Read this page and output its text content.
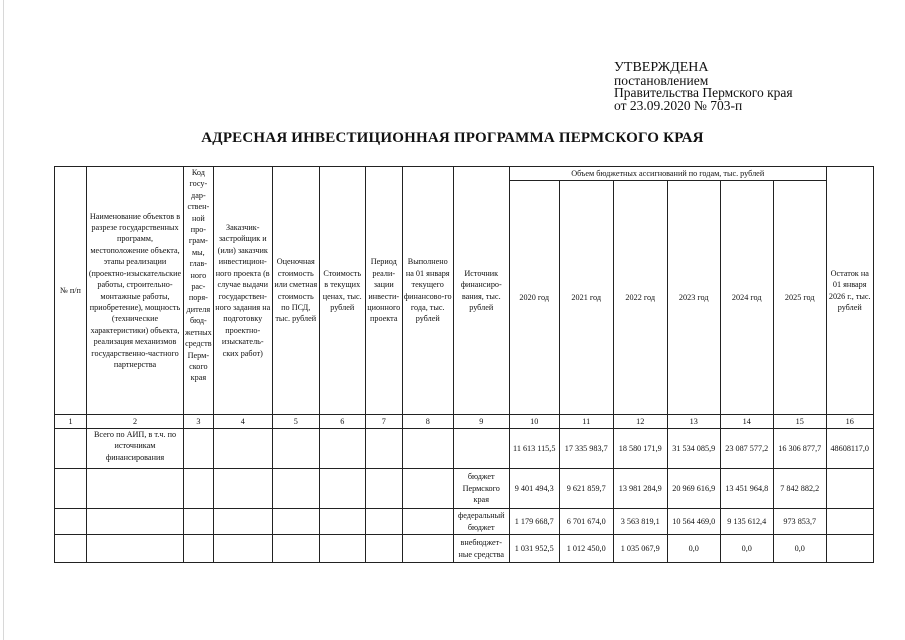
УТВЕРЖДЕНА
постановлением
Правительства Пермского края
от 23.09.2020 № 703-п
АДРЕСНАЯ ИНВЕСТИЦИОННАЯ ПРОГРАММА ПЕРМСКОГО КРАЯ
№ п/п	Наименование объектов в разрезе государственных программ, местоположение объекта, этапы реализации (проектно-изыскательские работы, строительно-монтажные работы, приобретение), мощность (технические характеристики) объекта, реализация механизмов государственно-частного партнерства	Код госу-дар-ствен-ной про-грам-мы, глав-ного рас-поря-дителя бюд-жетных средств Перм-ского края	Заказчик-застройщик и (или) заказчик инвестицион-ного проекта (в случае выдачи государствен-ного задания на подготовку проектно-изыскатель-ских работ)	Оценочная стоимость или сметная стоимость по ПСД, тыс. рублей	Стоимость в текущих ценах, тыс. рублей	Период реали-зации инвести-ционного проекта	Выполнено на 01 января текущего финансово-го года, тыс. рублей	Источник финансиро-вания, тыс. рублей	Объем бюджетных ассигнований по годам, тыс. рублей						Остаток на 01 января 2026 г., тыс. рублей
									2020 год	2021 год	2022 год	2023 год	2024 год	2025 год	
1	2	3	4	5	6	7	8	9	10	11	12	13	14	15	16
	Всего по АИП, в т.ч. по источникам финансирования								11 613 115,5	17 335 983,7	18 580 171,9	31 534 085,9	23 087 577,2	16 306 877,7	48608117,0
								бюджет Пермского края	9 401 494,3	9 621 859,7	13 981 284,9	20 969 616,9	13 451 964,8	7 842 882,2	
								федеральный бюджет	1 179 668,7	6 701 674,0	3 563 819,1	10 564 469,0	9 135 612,4	973 853,7	
								внебюджет-ные средства	1 031 952,5	1 012 450,0	1 035 067,9	0,0	0,0	0,0	
